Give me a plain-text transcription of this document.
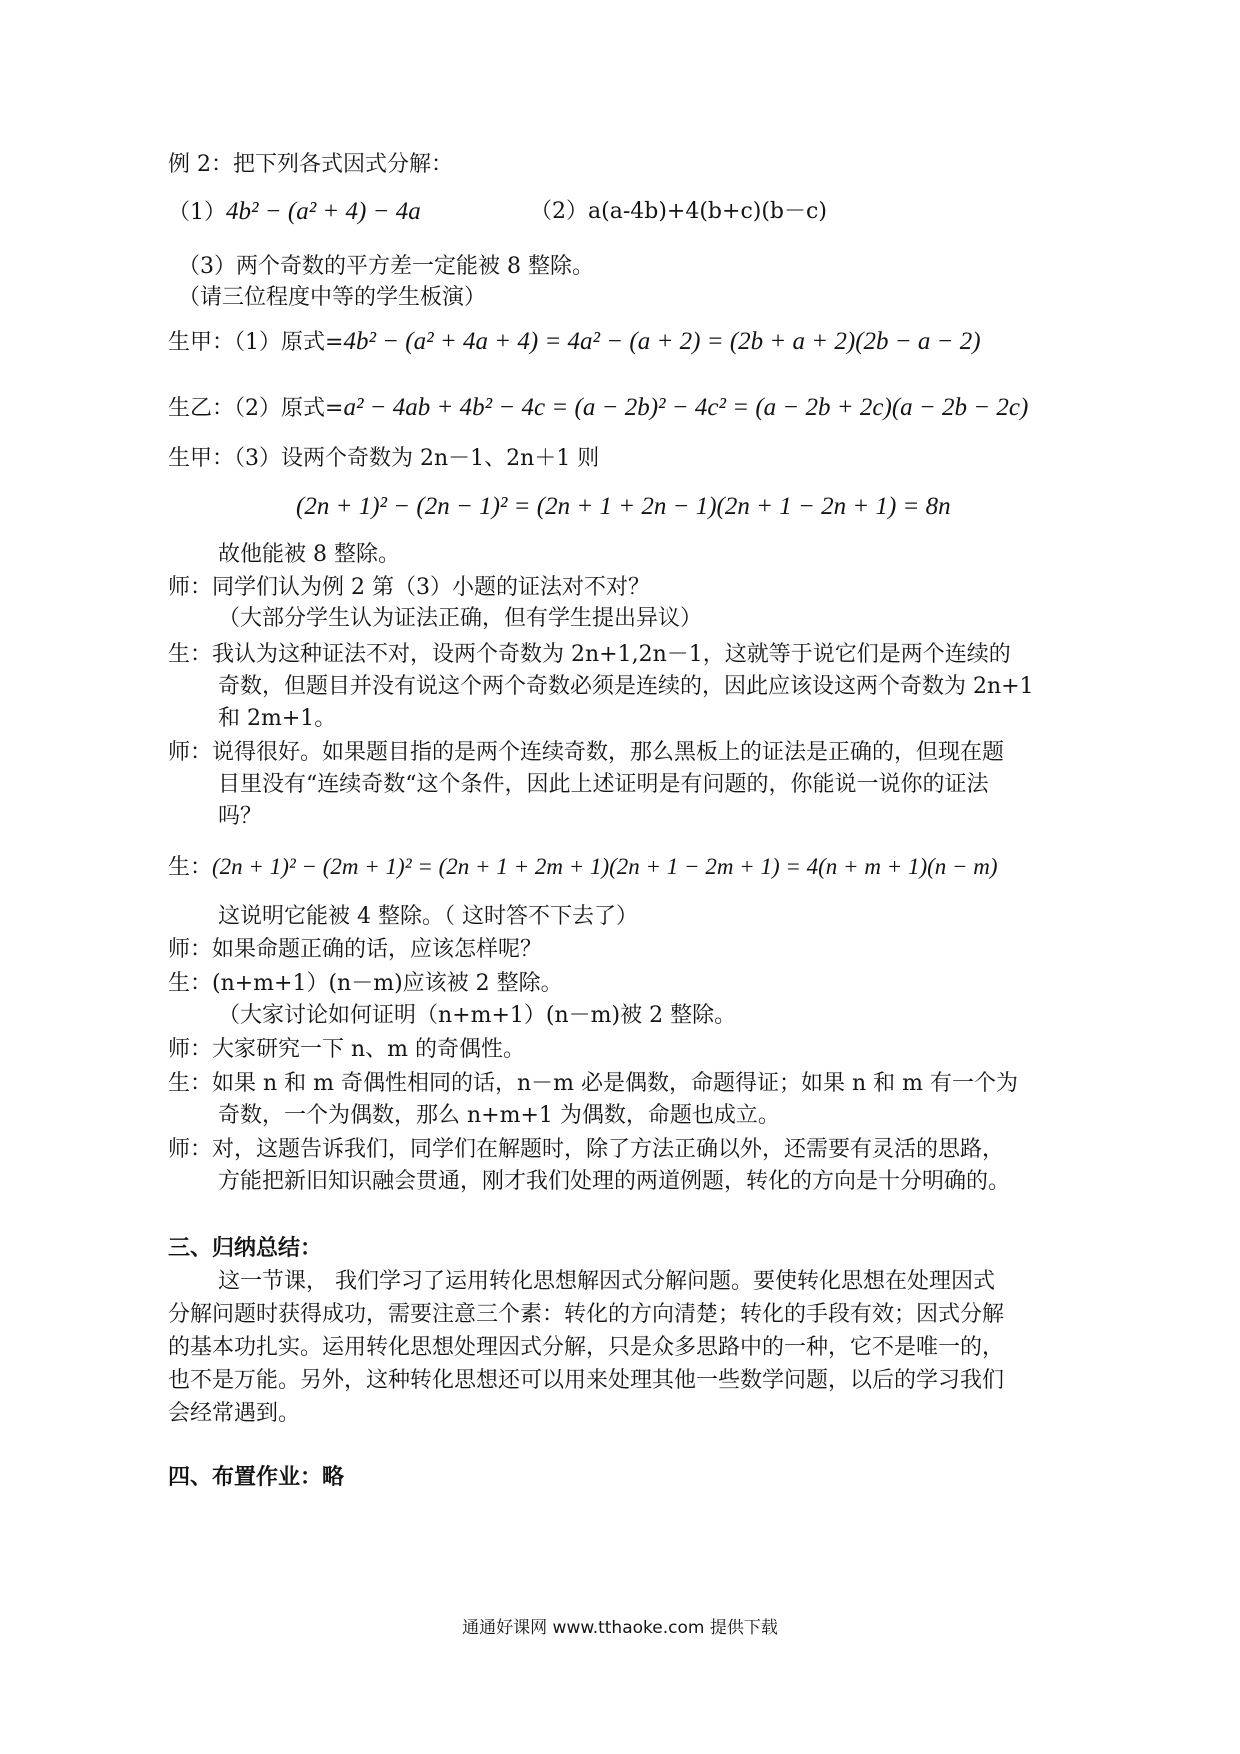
例 2：把下列各式因式分解：
（1）4b² − (a² + 4) − 4a	（2）a(a-4b)+4(b+c)(b－c)
（3）两个奇数的平方差一定能被 8 整除。
（请三位程度中等的学生板演）
生甲：（1）原式=4b² − (a² + 4a + 4) = 4a² − (a + 2) = (2b + a + 2)(2b − a − 2)
生乙：（2）原式=a² − 4ab + 4b² − 4c = (a − 2b)² − 4c² = (a − 2b + 2c)(a − 2b − 2c)
生甲：（3）设两个奇数为 2n－1、2n＋1 则
(2n + 1)² − (2n − 1)² = (2n + 1 + 2n − 1)(2n + 1 − 2n + 1) = 8n
故他能被 8 整除。
师：同学们认为例 2 第（3）小题的证法对不对？
（大部分学生认为证法正确，但有学生提出异议）
生：我认为这种证法不对，设两个奇数为 2n+1,2n－1，这就等于说它们是两个连续的
奇数，但题目并没有说这个两个奇数必须是连续的，因此应该设这两个奇数为 2n+1
和 2m+1。
师：说得很好。如果题目指的是两个连续奇数，那么黑板上的证法是正确的，但现在题
目里没有“连续奇数“这个条件，因此上述证明是有问题的，你能说一说你的证法
吗？
生：(2n + 1)² − (2m + 1)² = (2n + 1 + 2m + 1)(2n + 1 − 2m + 1) = 4(n + m + 1)(n − m)
这说明它能被 4 整除。（ 这时答不下去了）
师：如果命题正确的话，应该怎样呢？
生：(n+m+1）(n－m)应该被 2 整除。
（大家讨论如何证明（n+m+1）(n－m)被 2 整除。
师：大家研究一下 n、m 的奇偶性。
生：如果 n 和 m 奇偶性相同的话，n－m 必是偶数，命题得证；如果 n 和 m 有一个为
奇数，一个为偶数，那么 n+m+1 为偶数，命题也成立。
师：对，这题告诉我们，同学们在解题时，除了方法正确以外，还需要有灵活的思路，
方能把新旧知识融会贯通，刚才我们处理的两道例题，转化的方向是十分明确的。
三、归纳总结：
这一节课， 我们学习了运用转化思想解因式分解问题。要使转化思想在处理因式
分解问题时获得成功，需要注意三个素：转化的方向清楚；转化的手段有效；因式分解
的基本功扎实。运用转化思想处理因式分解，只是众多思路中的一种，它不是唯一的，
也不是万能。另外，这种转化思想还可以用来处理其他一些数学问题，以后的学习我们
会经常遇到。
四、布置作业：略
通通好课网 www.tthaoke.com 提供下载
